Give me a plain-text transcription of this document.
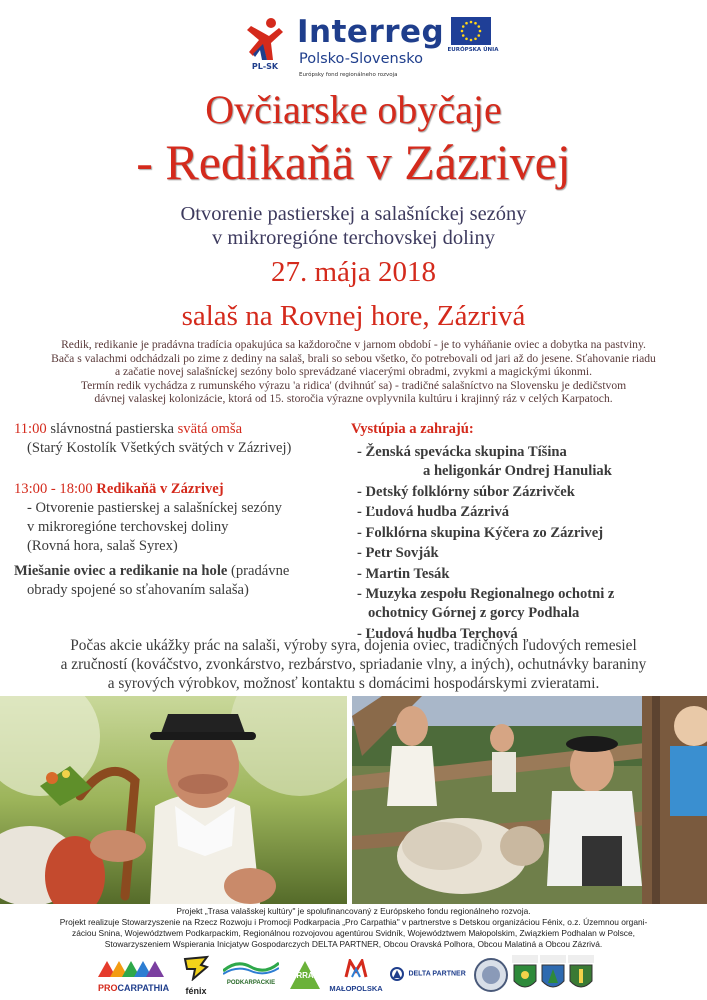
PL-SK
Interreg
Polsko-Slovensko
Európsky fond regionálneho rozvoja
EURÓPSKA ÚNIA
Ovčiarske obyčaje
- Redikaňä v Zázrivej
Otvorenie pastierskej a salašníckej sezóny
v mikroregióne terchovskej doliny
27. mája 2018
salaš na Rovnej hore, Zázrivá
Redik, redikanie je pradávna tradícia opakujúca sa každoročne v jarnom období - je to vyháňanie oviec a dobytka na pastviny.
Bača s valachmi odchádzali po zime z dediny na salaš, brali so sebou všetko, čo potrebovali od jari až do jesene. Sťahovanie riadu
a začatie novej salašníckej sezóny bolo sprevádzané viacerými obradmi, zvykmi a magickými úkonmi.
Termín redik vychádza z rumunského výrazu 'a ridica' (dvihnúť sa) - tradičné salašníctvo na Slovensku je dedičstvom
dávnej valaskej kolonizácie, ktorá od 15. storočia výrazne ovplyvnila kultúru i krajinný ráz v celých Karpatoch.
11:00 slávnostná pastierska svätá omša
(Starý Kostolík Všetkých svätých v Zázrivej)
13:00 - 18:00 Redikaňä v Zázrivej
- Otvorenie pastierskej a salašníckej sezóny
v mikroregióne terchovskej doliny
(Rovná hora, salaš Syrex)
Miešanie oviec a redikanie na hole (pradávne
obrady spojené so sťahovaním salaša)
Vystúpia a zahrajú:
- Ženská spevácka skupina Tíšina
a heligonkár Ondrej Hanuliak
- Detský folklórny súbor Zázrivček
- Ľudová hudba Zázrivá
- Folklórna skupina Kýčera zo Zázrivej
- Petr Sovják
- Martin Tesák
- Muzyka zespołu Regionalnego ochotni z
ochotnicy Górnej z gorcy Podhala
- Ľudová hudba Terchová
Počas akcie ukážky prác na salaši, výroby syra, dojenia oviec, tradičných ľudových remesiel
a zručností (kováčstvo, zvonkárstvo, rezbárstvo, spriadanie vlny, a iných), ochutnávky baraniny
a syrových výrobkov, možnosť kontaktu s domácimi hospodárskymi zvieratami.
Projekt „Trasa valašskej kultúry" je spolufinancovaný z Európskeho fondu regionálneho rozvoja.
Projekt realizuje Stowarzyszenie na Rzecz Rozwoju i Promocji Podkarpacia „Pro Carpathia" v partnerstve s Detskou organizáciou Fénix, o.z. Územnou organi-
záciou Snina, Województwem Podkarpackim, Regionálnou rozvojovou agentúrou Svidník, Województwem Małopolskim, Związkiem Podhalan w Polsce,
Stowarzyszeniem Wspierania Inicjatyw Gospodarczych DELTA PARTNER, Obcou Oravská Polhora, Obcou Malatiná a Obcou Zázrivá.
PROCARPATHIA	fénix
PODKARPACKIE
RRA
MAŁOPOLSKA
DELTA PARTNER
